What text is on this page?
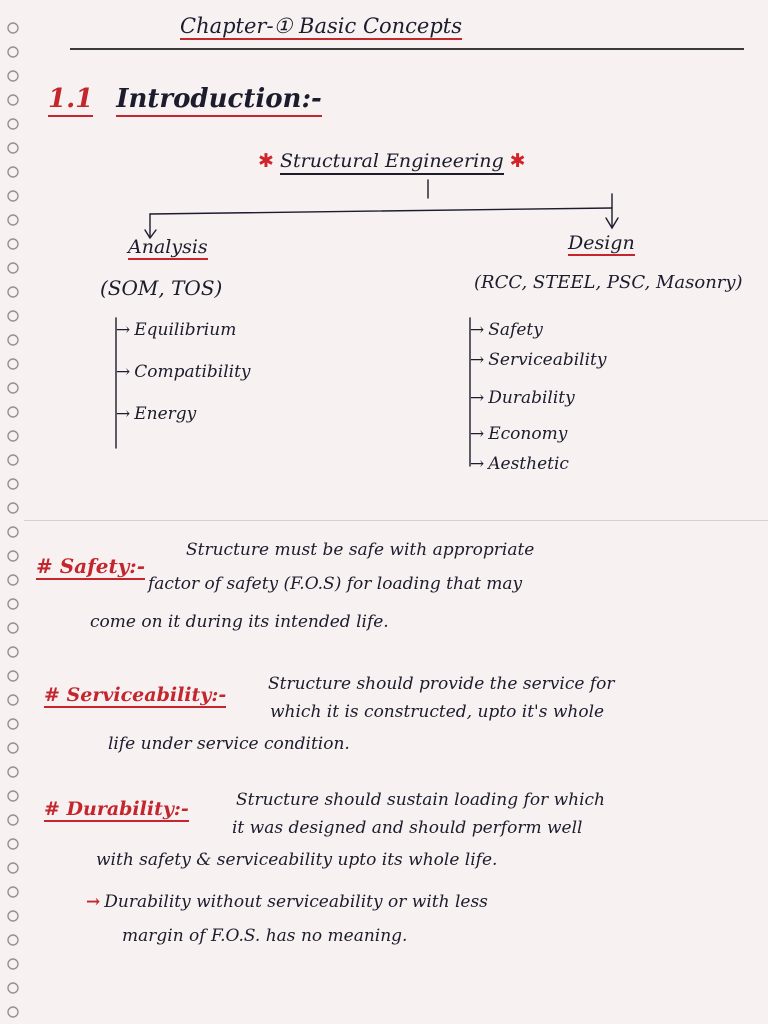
Chapter-① Basic Concepts
1.1 Introduction:-
✱ Structural Engineering ✱
Analysis
(SOM, TOS)
→ Equilibrium
→ Compatibility
→ Energy
Design
(RCC, STEEL, PSC, Masonry)
→ Safety
→ Serviceability
→ Durability
→ Economy
→ Aesthetic
# Safety:-
Structure must be safe with appropriate
factor of safety (F.O.S) for loading that may
come on it during its intended life.
# Serviceability:- Structure should provide the service for
which it is constructed, upto it's whole
life under service condition.
# Durability:-	Structure should sustain loading for which
it was designed and should perform well
with safety & serviceability upto its whole life.
→ Durability without serviceability or with less
margin of F.O.S. has no meaning.
